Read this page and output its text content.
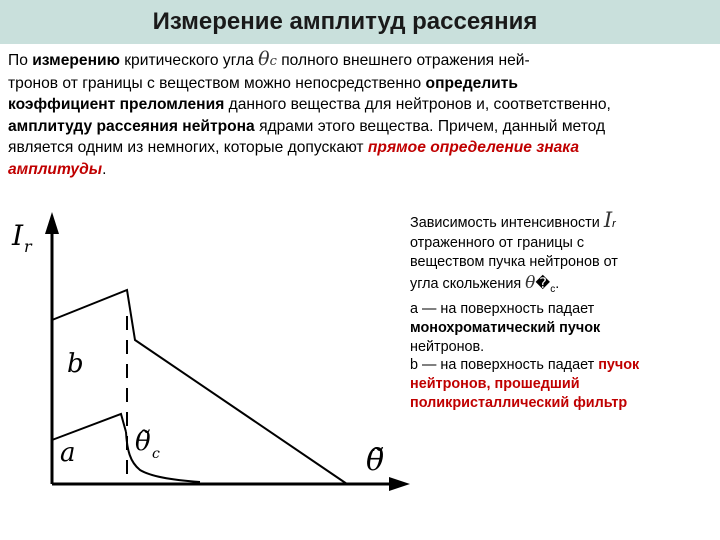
Измерение амплитуд рассеяния
По измерению критического угла θc полного внешнего отражения ней-
тронов от границы с веществом можно непосредственно определить
коэффициент преломления данного вещества для нейтронов и, соответственно,
амплитуду рассеяния нейтрона ядрами этого вещества. Причем, данный метод
является одним из немногих, которые допускают прямое определение знака
амплитуды.
Зависимость интенсивности Ir
отраженного от границы с
веществом пучка нейтронов от
угла скольжения $\theta�_c$.
a — на поверхность падает
монохроматический пучок
нейтронов.
b — на поверхность падает пучок
нейтронов, прошедший
поликристаллический фильтр
I r
θ̃
b
a θ̃ c
